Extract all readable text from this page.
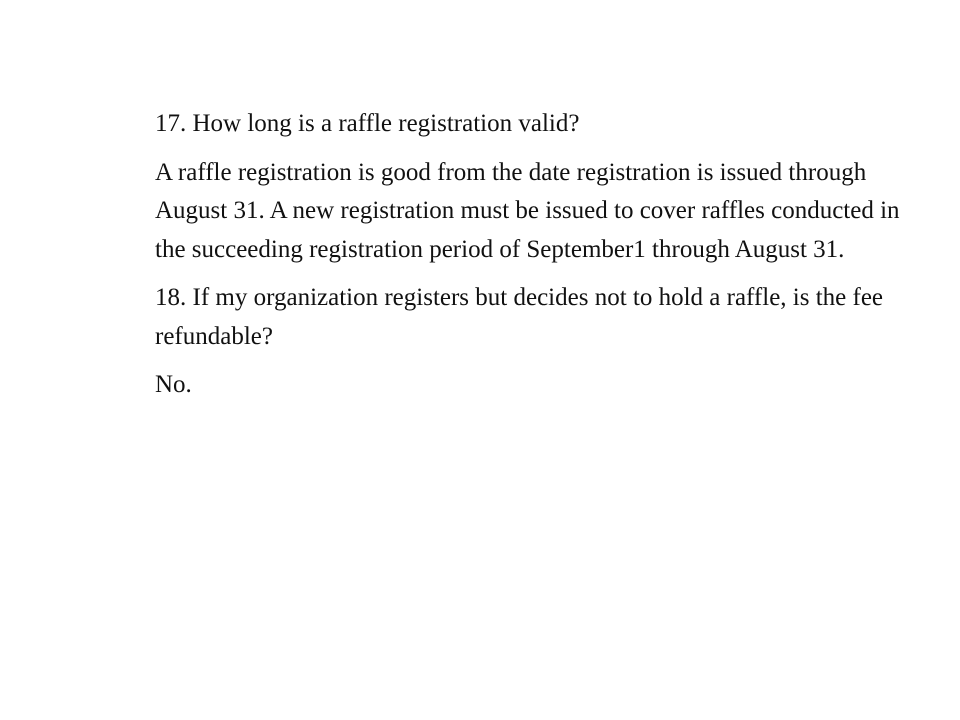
17. How long is a raffle registration valid?

A raffle registration is good from the date registration is issued through August 31. A new registration must be issued to cover raffles conducted in the succeeding registration period of September1 through August 31.

18. If my organization registers but decides not to hold a raffle, is the fee refundable?

No.
